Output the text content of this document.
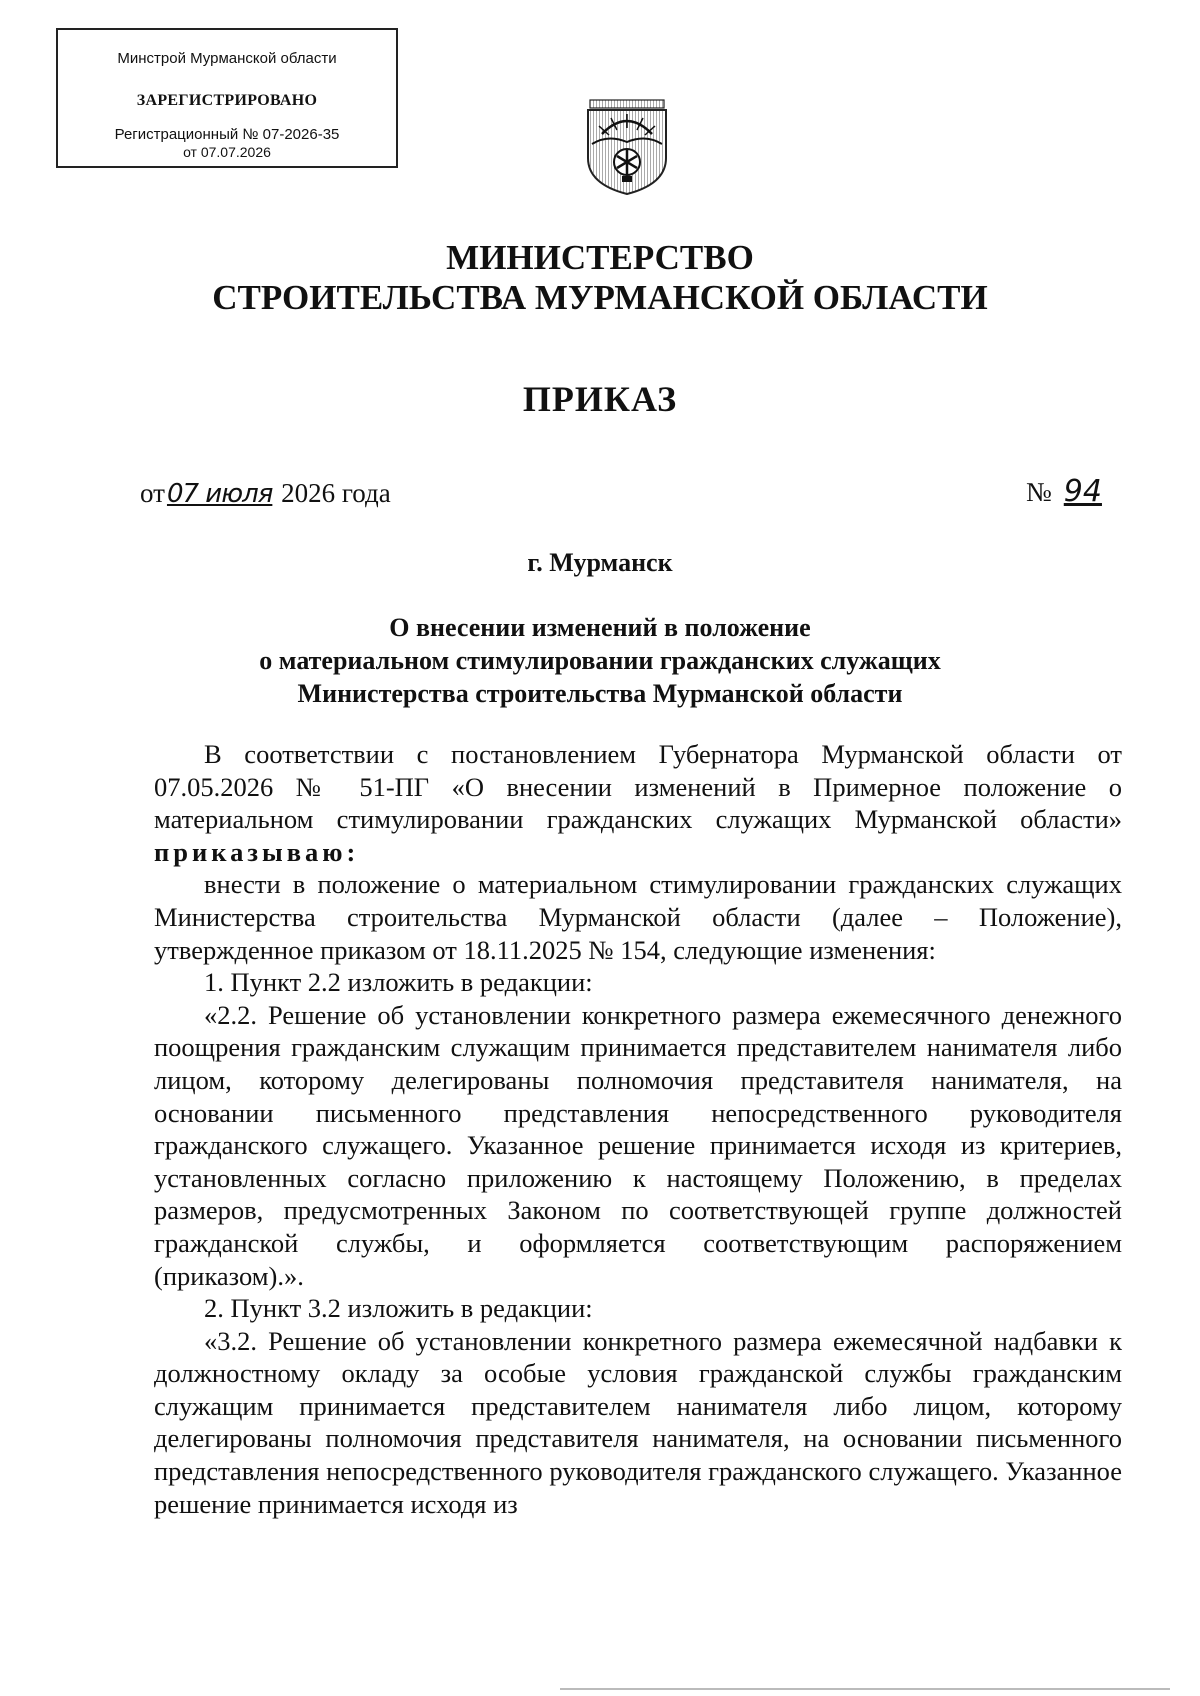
Минстрой Мурманской области
ЗАРЕГИСТРИРОВАНО
Регистрационный № 07-2026-35
от 07.07.2026
МИНИСТЕРСТВО
СТРОИТЕЛЬСТВА МУРМАНСКОЙ ОБЛАСТИ
ПРИКАЗ
от07 июля 2026 года	№ 94
г. Мурманск
О внесении изменений в положение
о материальном стимулировании гражданских служащих
Министерства строительства Мурманской области

В соответствии с постановлением Губернатора Мурманской области от 07.05.2026 № 51-ПГ «О внесении изменений в Примерное положение о материальном стимулировании гражданских служащих Мурманской области» приказываю:

внести в положение о материальном стимулировании гражданских служащих Министерства строительства Мурманской области (далее – Положение), утвержденное приказом от 18.11.2025 № 154, следующие изменения:

1. Пункт 2.2 изложить в редакции:

«2.2. Решение об установлении конкретного размера ежемесячного денежного поощрения гражданским служащим принимается представителем нанимателя либо лицом, которому делегированы полномочия представителя нанимателя, на основании письменного представления непосредственного руководителя гражданского служащего. Указанное решение принимается исходя из критериев, установленных согласно приложению к настоящему Положению, в пределах размеров, предусмотренных Законом по соответствующей группе должностей гражданской службы, и оформляется соответствующим распоряжением (приказом).».

2. Пункт 3.2 изложить в редакции:

«3.2. Решение об установлении конкретного размера ежемесячной надбавки к должностному окладу за особые условия гражданской службы гражданским служащим принимается представителем нанимателя либо лицом, которому делегированы полномочия представителя нанимателя, на основании письменного представления непосредственного руководителя гражданского служащего. Указанное решение принимается исходя из
